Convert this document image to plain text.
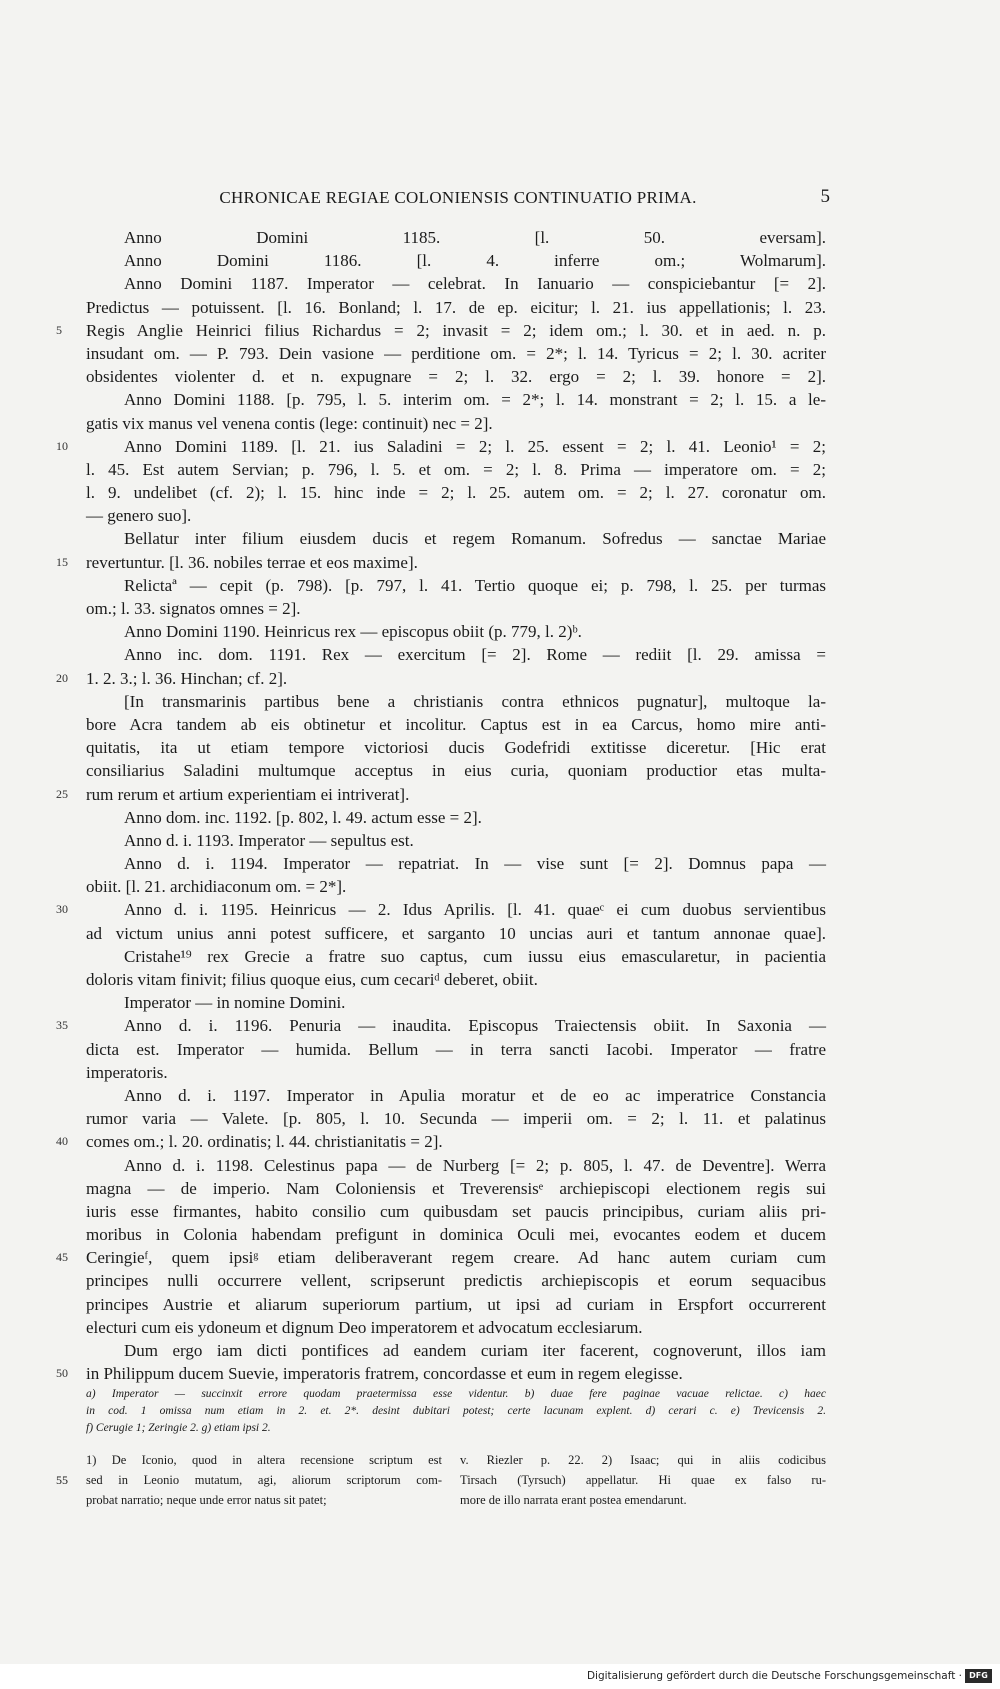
CHRONICAE REGIAE COLONIENSIS CONTINUATIO PRIMA.	5
Anno Domini 1185. [l. 50. eversam].
Anno Domini 1186. [l. 4. inferre om.; Wolmarum].
Anno Domini 1187. Imperator — celebrat. In Ianuario — conspiciebantur [= 2].
Predictus — potuissent. [l. 16. Bonland; l. 17. de ep. eicitur; l. 21. ius appellationis; l. 23.
5	Regis Anglie Heinrici filius Richardus = 2; invasit = 2; idem om.; l. 30. et in aed. n. p.
insudant om. — P. 793. Dein vasione — perditione om. = 2*; l. 14. Tyricus = 2; l. 30. acriter
obsidentes violenter d. et n. expugnare = 2; l. 32. ergo = 2; l. 39. honore = 2].
Anno Domini 1188. [p. 795, l. 5. interim om. = 2*; l. 14. monstrant = 2; l. 15. a le-
gatis vix manus vel venena contis (lege: continuit) nec = 2].
10	Anno Domini 1189. [l. 21. ius Saladini = 2; l. 25. essent = 2; l. 41. Leonio¹ = 2;
l. 45. Est autem Servian; p. 796, l. 5. et om. = 2; l. 8. Prima — imperatore om. = 2;
l. 9. undelibet (cf. 2); l. 15. hinc inde = 2; l. 25. autem om. = 2; l. 27. coronatur om.
— genero suo].
Bellatur inter filium eiusdem ducis et regem Romanum. Sofredus — sanctae Mariae
15	revertuntur. [l. 36. nobiles terrae et eos maxime].
Relictaª — cepit (p. 798). [p. 797, l. 41. Tertio quoque ei; p. 798, l. 25. per turmas
om.; l. 33. signatos omnes = 2].
Anno Domini 1190. Heinricus rex — episcopus obiit (p. 779, l. 2)ᵇ.
Anno inc. dom. 1191. Rex — exercitum [= 2]. Rome — rediit [l. 29. amissa =
20	1. 2. 3.; l. 36. Hinchan; cf. 2].
[In transmarinis partibus bene a christianis contra ethnicos pugnatur], multoque la-
bore Acra tandem ab eis obtinetur et incolitur. Captus est in ea Carcus, homo mire anti-
quitatis, ita ut etiam tempore victoriosi ducis Godefridi extitisse diceretur. [Hic erat
consiliarius Saladini multumque acceptus in eius curia, quoniam productior etas multa-
25	rum rerum et artium experientiam ei intriverat].
Anno dom. inc. 1192. [p. 802, l. 49. actum esse = 2].
Anno d. i. 1193. Imperator — sepultus est.
Anno d. i. 1194. Imperator — repatriat. In — vise sunt [= 2]. Domnus papa —
obiit. [l. 21. archidiaconum om. = 2*].
30	Anno d. i. 1195. Heinricus — 2. Idus Aprilis. [l. 41. quaeᶜ ei cum duobus servientibus
ad victum unius anni potest sufficere, et sarganto 10 uncias auri et tantum annonae quae].
Cristahe¹⁹ rex Grecie a fratre suo captus, cum iussu eius emascularetur, in pacientia
doloris vitam finivit; filius quoque eius, cum cecariᵈ deberet, obiit.
Imperator — in nomine Domini.
35	Anno d. i. 1196. Penuria — inaudita. Episcopus Traiectensis obiit. In Saxonia —
dicta est. Imperator — humida. Bellum — in terra sancti Iacobi. Imperator — fratre
imperatoris.
Anno d. i. 1197. Imperator in Apulia moratur et de eo ac imperatrice Constancia
rumor varia — Valete. [p. 805, l. 10. Secunda — imperii om. = 2; l. 11. et palatinus
40	comes om.; l. 20. ordinatis; l. 44. christianitatis = 2].
Anno d. i. 1198. Celestinus papa — de Nurberg [= 2; p. 805, l. 47. de Deventre]. Werra
magna — de imperio. Nam Coloniensis et Treverensisᵉ archiepiscopi electionem regis sui
iuris esse firmantes, habito consilio cum quibusdam set paucis principibus, curiam aliis pri-
moribus in Colonia habendam prefigunt in dominica Oculi mei, evocantes eodem et ducem
45	Ceringieᶠ, quem ipsiᵍ etiam deliberaverant regem creare. Ad hanc autem curiam cum
principes nulli occurrere vellent, scripserunt predictis archiepiscopis et eorum sequacibus
principes Austrie et aliarum superiorum partium, ut ipsi ad curiam in Erspfort occurrerent
electuri cum eis ydoneum et dignum Deo imperatorem et advocatum ecclesiarum.
Dum ergo iam dicti pontifices ad eandem curiam iter facerent, cognoverunt, illos iam
50	in Philippum ducem Suevie, imperatoris fratrem, concordasse et eum in regem elegisse.
a) Imperator — succinxit errore quodam praetermissa esse videntur. b) duae fere paginae vacuae relictae. c) haec
in cod. 1 omissa num etiam in 2. et. 2*. desint dubitari potest; certe lacunam explent. d) cerari c. e) Trevicensis 2.
f) Cerugie 1; Zeringie 2. g) etiam ipsi 2.
1) De Iconio, quod in altera recensione scriptum est v. Riezler p. 22. 2) Isaac; qui in aliis codicibus
55 sed in Leonio mutatum, agi, aliorum scriptorum com- Tirsach (Tyrsuch) appellatur. Hi quae ex falso ru-
probat narratio; neque unde error natus sit patet;	more de illo narrata erant postea emendarunt.
Digitalisierung gefördert durch die Deutsche Forschungsgemeinschaft · DFG
